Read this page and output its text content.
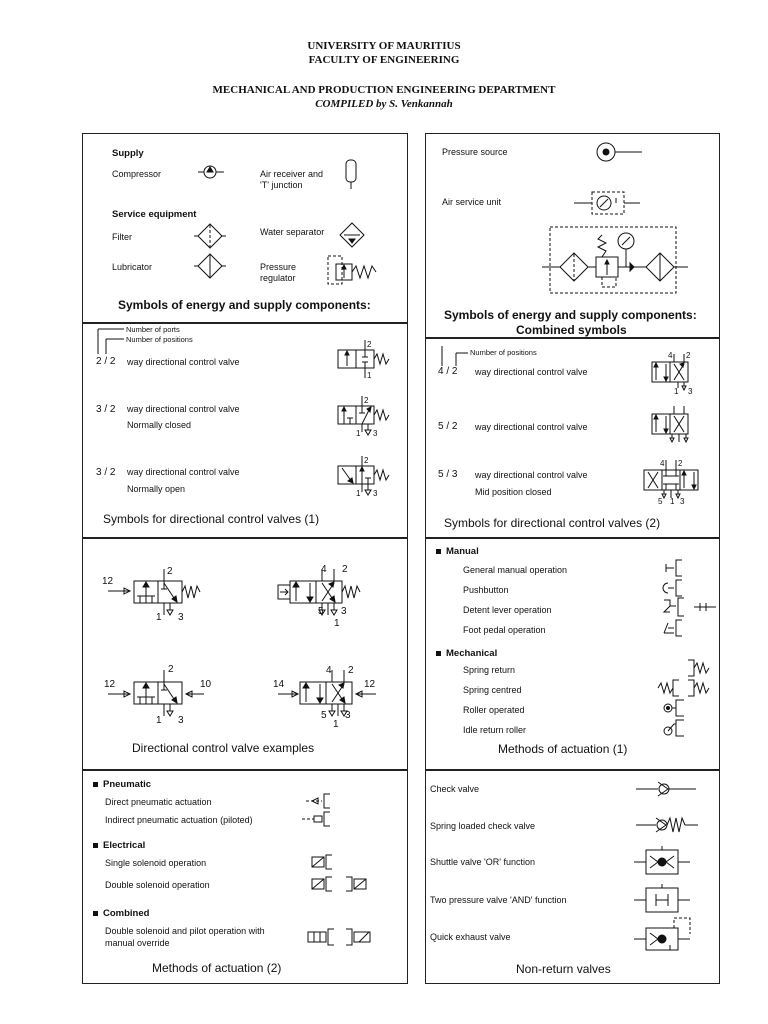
UNIVERSITY OF MAURITIUS
FACULTY OF ENGINEERING
MECHANICAL AND PRODUCTION ENGINEERING DEPARTMENT
COMPILED by S. Venkannah
Supply
Compressor	Air receiver and
'T' junction
Service equipment
Filter	Water separator
Lubricator	Pressure
regulator
Symbols of energy and supply components:
Number of ports
Number of positions
2 / 2 way directional control valve
2
1
3 / 2 way directional control valve
Normally closed
2
1 3
3 / 2 way directional control valve
Normally open
2
1 3
Symbols for directional control valves (1)
12
2
1 3
4 2
5
1
3
12
2
10
1 3
14
4 2
12
5
1
3
Directional control valve examples
Pneumatic
Direct pneumatic actuation
Indirect pneumatic actuation (piloted)
Electrical
Single solenoid operation
Double solenoid operation
Combined
Double solenoid and pilot operation with
manual override
Methods of actuation (2)
Pressure source
Air service unit
Symbols of energy and supply components:
Combined symbols
Number of positions
4 / 2 way directional control valve
4 2
1 3
5 / 2 way directional control valve
5 / 3 way directional control valve
Mid position closed
4 2
5 1 3
Symbols for directional control valves (2)
Manual
General manual operation
Pushbutton
Detent lever operation
Foot pedal operation
Mechanical
Spring return
Spring centred
Roller operated
Idle return roller
Methods of actuation (1)
Check valve
Spring loaded check valve
Shuttle valve 'OR' function
Two pressure valve 'AND' function
Quick exhaust valve
Non-return valves
